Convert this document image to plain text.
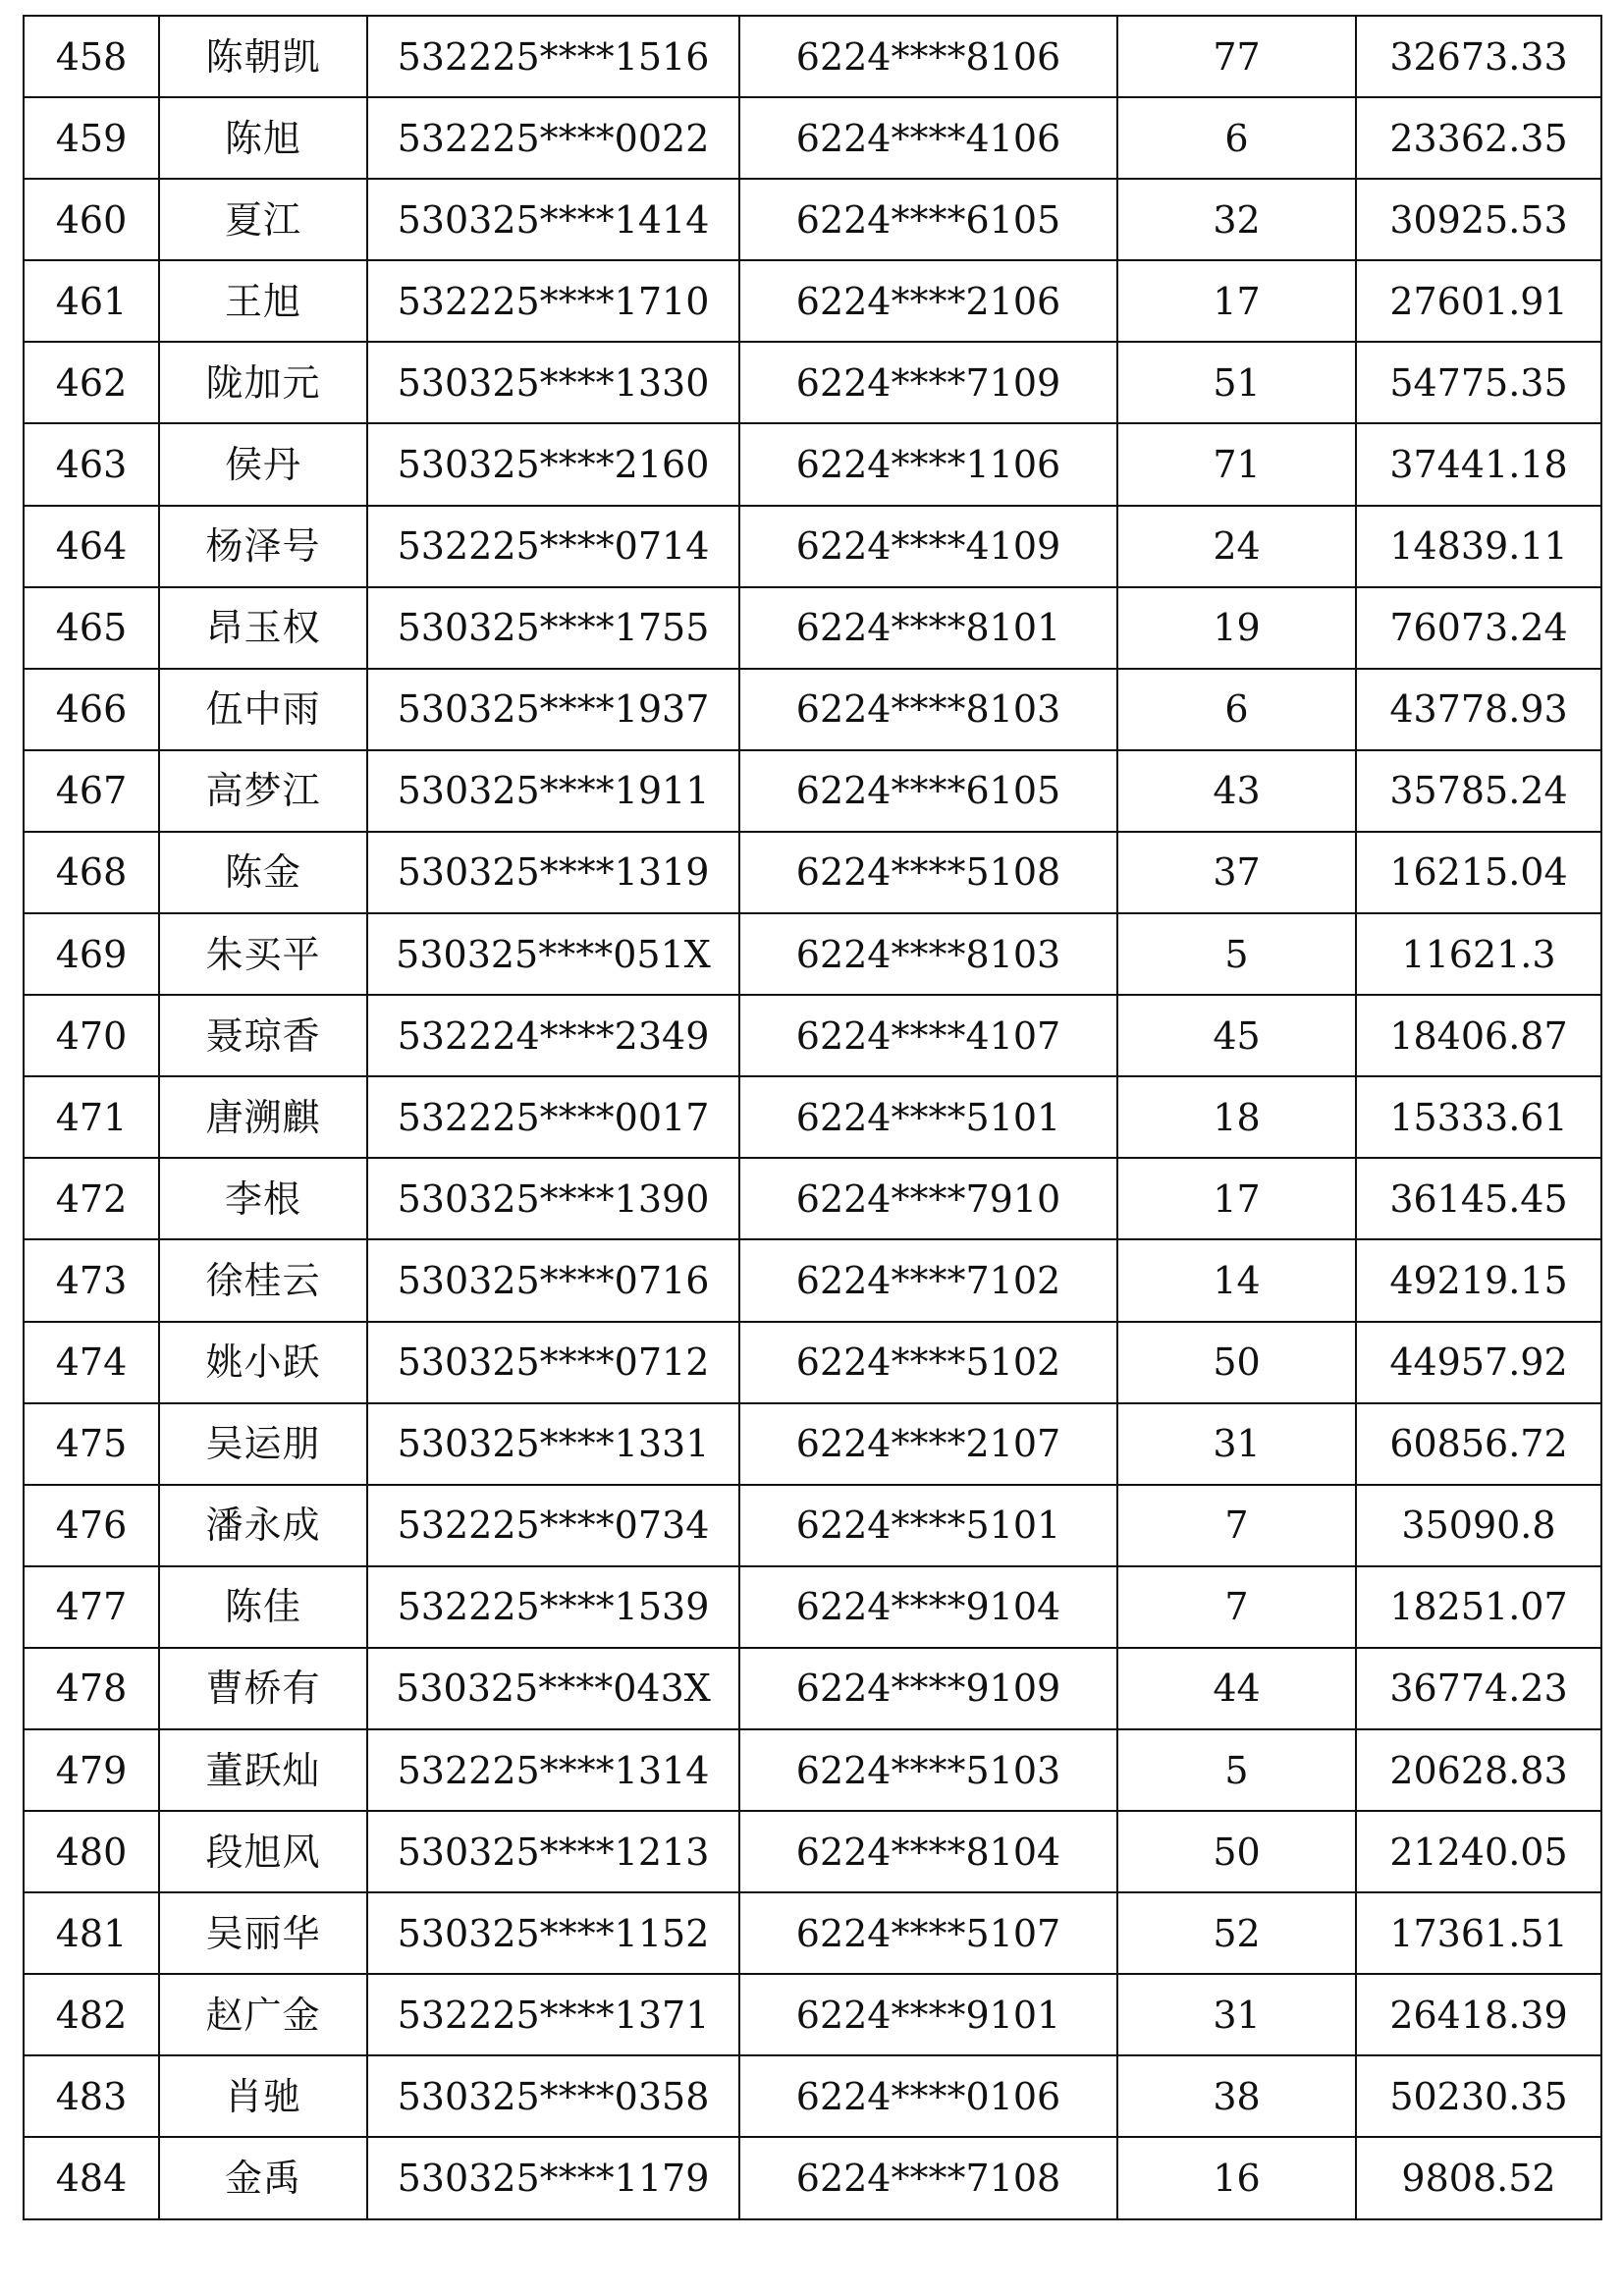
458	陈朝凯	532225****1516	6224****8106	77	32673.33
459	陈旭	532225****0022	6224****4106	6	23362.35
460	夏江	530325****1414	6224****6105	32	30925.53
461	王旭	532225****1710	6224****2106	17	27601.91
462	陇加元	530325****1330	6224****7109	51	54775.35
463	侯丹	530325****2160	6224****1106	71	37441.18
464	杨泽号	532225****0714	6224****4109	24	14839.11
465	昂玉权	530325****1755	6224****8101	19	76073.24
466	伍中雨	530325****1937	6224****8103	6	43778.93
467	高梦江	530325****1911	6224****6105	43	35785.24
468	陈金	530325****1319	6224****5108	37	16215.04
469	朱买平	530325****051X	6224****8103	5	11621.3
470	聂琼香	532224****2349	6224****4107	45	18406.87
471	唐溯麒	532225****0017	6224****5101	18	15333.61
472	李根	530325****1390	6224****7910	17	36145.45
473	徐桂云	530325****0716	6224****7102	14	49219.15
474	姚小跃	530325****0712	6224****5102	50	44957.92
475	吴运朋	530325****1331	6224****2107	31	60856.72
476	潘永成	532225****0734	6224****5101	7	35090.8
477	陈佳	532225****1539	6224****9104	7	18251.07
478	曹桥有	530325****043X	6224****9109	44	36774.23
479	董跃灿	532225****1314	6224****5103	5	20628.83
480	段旭风	530325****1213	6224****8104	50	21240.05
481	吴丽华	530325****1152	6224****5107	52	17361.51
482	赵广金	532225****1371	6224****9101	31	26418.39
483	肖驰	530325****0358	6224****0106	38	50230.35
484	金禹	530325****1179	6224****7108	16	9808.52
